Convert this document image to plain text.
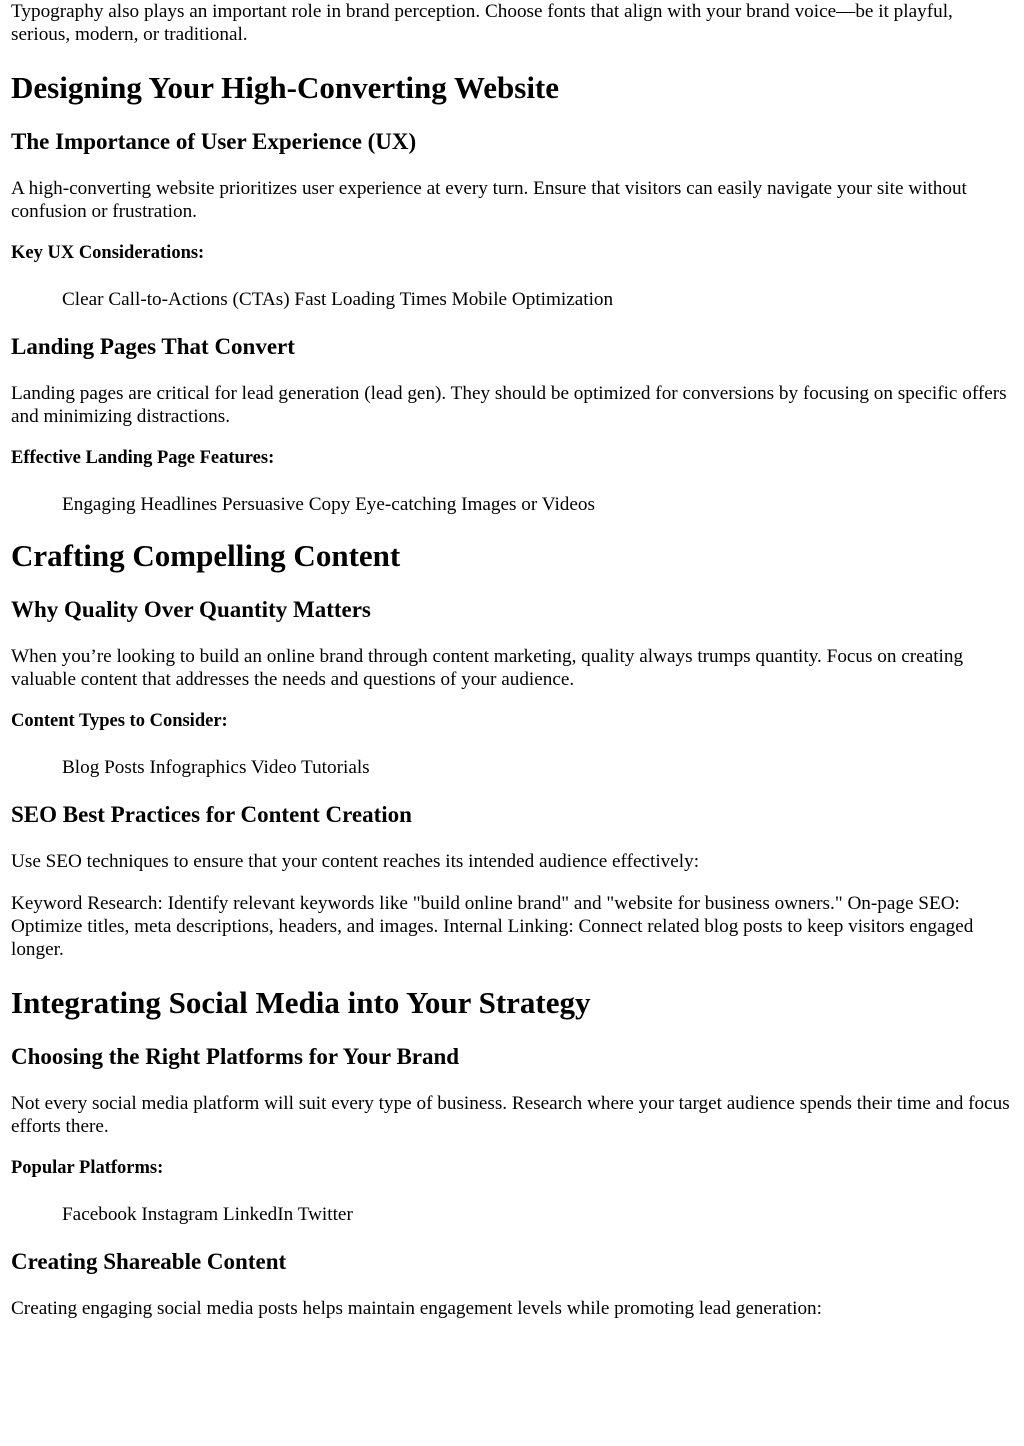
Typography also plays an important role in brand perception. Choose fonts that align with your brand voice—be it playful, serious, modern, or traditional.

Designing Your High-Converting Website
The Importance of User Experience (UX)

A high-converting website prioritizes user experience at every turn. Ensure that visitors can easily navigate your site without confusion or frustration.

Key UX Considerations:

Clear Call-to-Actions (CTAs) Fast Loading Times Mobile Optimization

Landing Pages That Convert

Landing pages are critical for lead generation (lead gen). They should be optimized for conversions by focusing on specific offers and minimizing distractions.

Effective Landing Page Features:

Engaging Headlines Persuasive Copy Eye-catching Images or Videos

Crafting Compelling Content
Why Quality Over Quantity Matters

When you’re looking to build an online brand through content marketing, quality always trumps quantity. Focus on creating valuable content that addresses the needs and questions of your audience.

Content Types to Consider:

Blog Posts Infographics Video Tutorials

SEO Best Practices for Content Creation

Use SEO techniques to ensure that your content reaches its intended audience effectively:

Keyword Research: Identify relevant keywords like "build online brand" and "website for business owners." On-page SEO: Optimize titles, meta descriptions, headers, and images. Internal Linking: Connect related blog posts to keep visitors engaged longer.

Integrating Social Media into Your Strategy
Choosing the Right Platforms for Your Brand

Not every social media platform will suit every type of business. Research where your target audience spends their time and focus efforts there.

Popular Platforms:

Facebook Instagram LinkedIn Twitter

Creating Shareable Content

Creating engaging social media posts helps maintain engagement levels while promoting lead generation:
